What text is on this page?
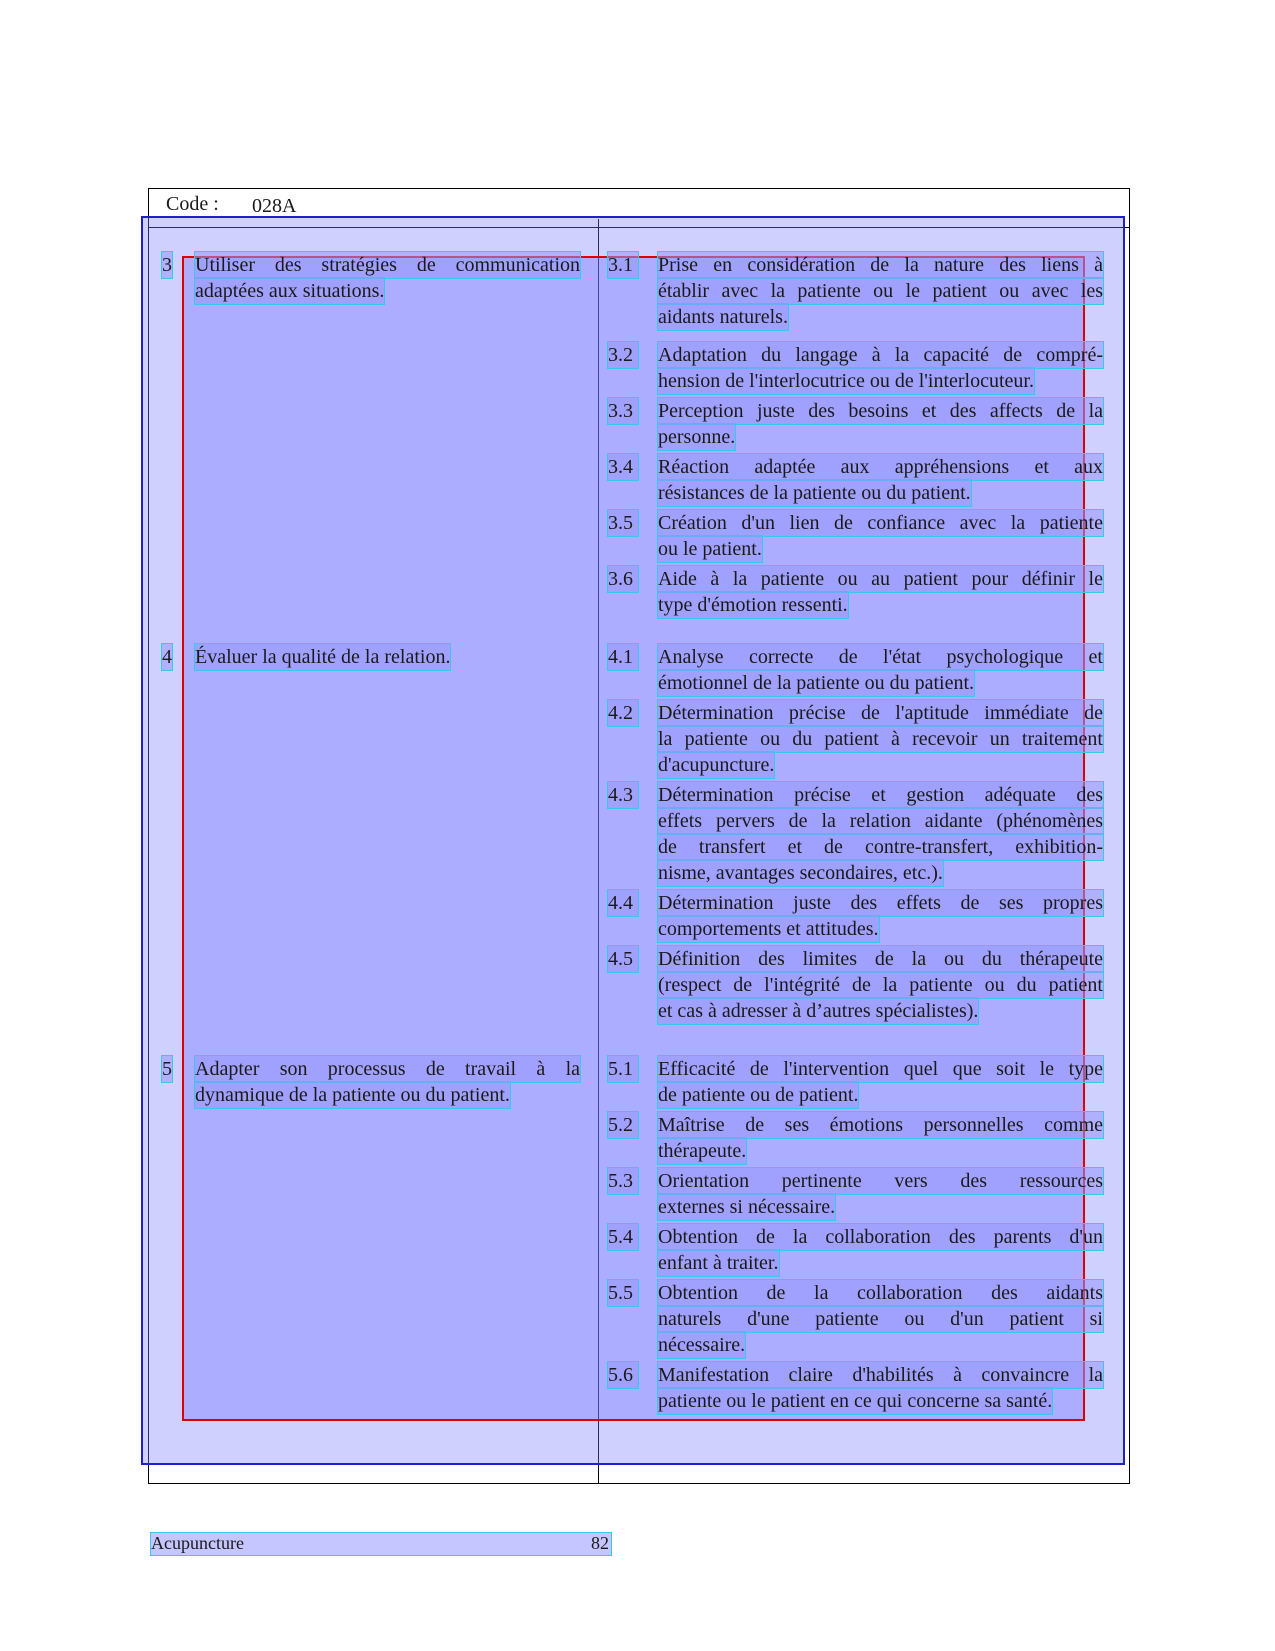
Code : 028A
3 Utiliser des stratégies de communication
adaptées aux situations.
4 Évaluer la qualité de la relation.
5 Adapter son processus de travail à la
dynamique de la patiente ou du patient.
3.1 Prise en considération de la nature des liens à
établir avec la patiente ou le patient ou avec les
aidants naturels.
3.2 Adaptation du langage à la capacité de compré-
hension de l'interlocutrice ou de l'interlocuteur.
3.3 Perception juste des besoins et des affects de la
personne.
3.4 Réaction adaptée aux appréhensions et aux
résistances de la patiente ou du patient.
3.5 Création d'un lien de confiance avec la patiente
ou le patient.
3.6 Aide à la patiente ou au patient pour définir le
type d'émotion ressenti.
4.1 Analyse correcte de l'état psychologique et
émotionnel de la patiente ou du patient.
4.2 Détermination précise de l'aptitude immédiate de
la patiente ou du patient à recevoir un traitement
d'acupuncture.
4.3 Détermination précise et gestion adéquate des
effets pervers de la relation aidante (phénomènes
de transfert et de contre-transfert, exhibition-
nisme, avantages secondaires, etc.).
4.4 Détermination juste des effets de ses propres
comportements et attitudes.
4.5 Définition des limites de la ou du thérapeute
(respect de l'intégrité de la patiente ou du patient
et cas à adresser à d’autres spécialistes).
5.1 Efficacité de l'intervention quel que soit le type
de patiente ou de patient.
5.2 Maîtrise de ses émotions personnelles comme
thérapeute.
5.3 Orientation pertinente vers des ressources
externes si nécessaire.
5.4 Obtention de la collaboration des parents d'un
enfant à traiter.
5.5 Obtention de la collaboration des aidants
naturels d'une patiente ou d'un patient si
nécessaire.
5.6 Manifestation claire d'habilités à convaincre la
patiente ou le patient en ce qui concerne sa santé.
Acupuncture	82
